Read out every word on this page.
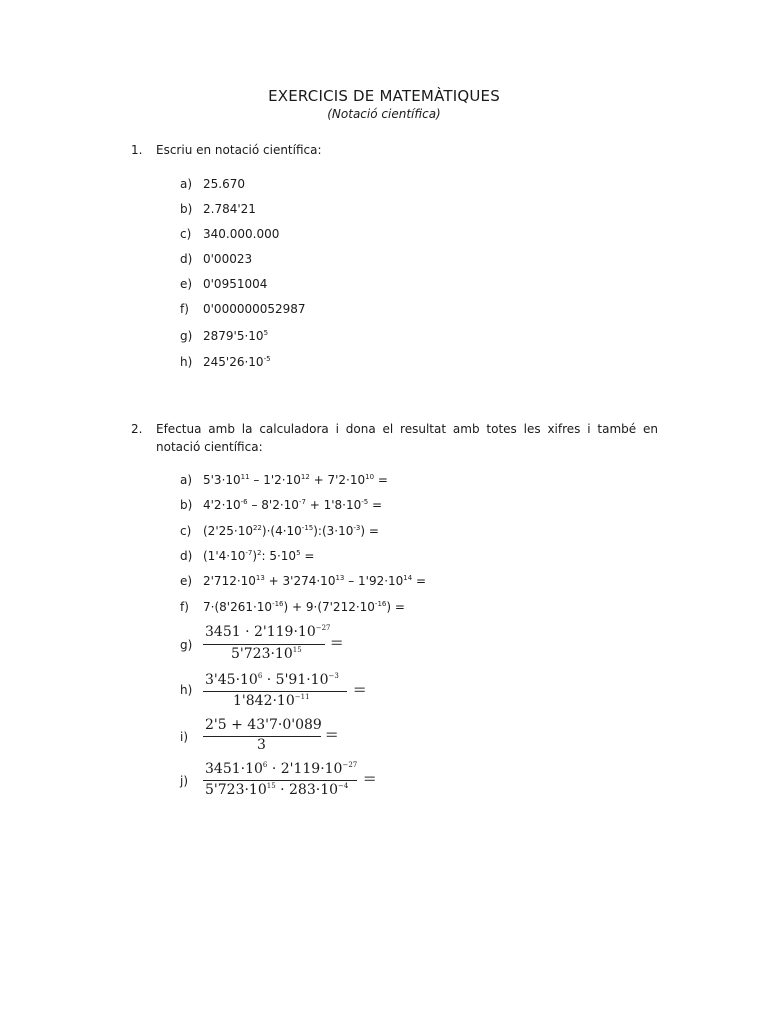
EXERCICIS DE MATEMÀTIQUES
(Notació científica)
1. Escriu en notació científica:
a) 25.670
b) 2.784'21
c) 340.000.000
d) 0'00023
e) 0'0951004
f) 0'000000052987
g) $2879'5\cdot 10^5$
h) $245'26\cdot 10^{-5}$
2. Efectua amb la calculadora i dona el resultat amb totes les xifres i també en
notació científica:
a) $5'3\cdot 10^{11} - 1'2\cdot 10^{12} + 7'2\cdot 10^{10}$ =
b) $4'2\cdot 10^{-6} - 8'2\cdot 10^{-7} + 1'8\cdot 10^{-5}$ =
c) $(2'25\cdot 10^{22})\cdot(4\cdot 10^{-15}):(3\cdot 10^{-3})$ =
d) $(1'4\cdot 10^{-7})^2$: $5\cdot 10^5$ =
e) $2'712\cdot 10^{13} + 3'274\cdot 10^{13} - 1'92\cdot 10^{14}$ =
f) $7\cdot(8'261\cdot 10^{-16}) + 9\cdot(7'212\cdot 10^{-16})$ =
g)
$3451 \cdot 2'119\cdot 10^{-27}$
$5'723\cdot 10^{15}$ =
h)
$3'45\cdot 10^6 \cdot 5'91\cdot 10^{-3}$
$1'842\cdot 10^{-11}$	=
i)
2'5 + 43'7·0'089
3
=
j)
$3451\cdot 10^6 \cdot 2'119\cdot 10^{-27}$
$5'723\cdot 10^{15} \cdot 283\cdot 10^{-4}$ =
